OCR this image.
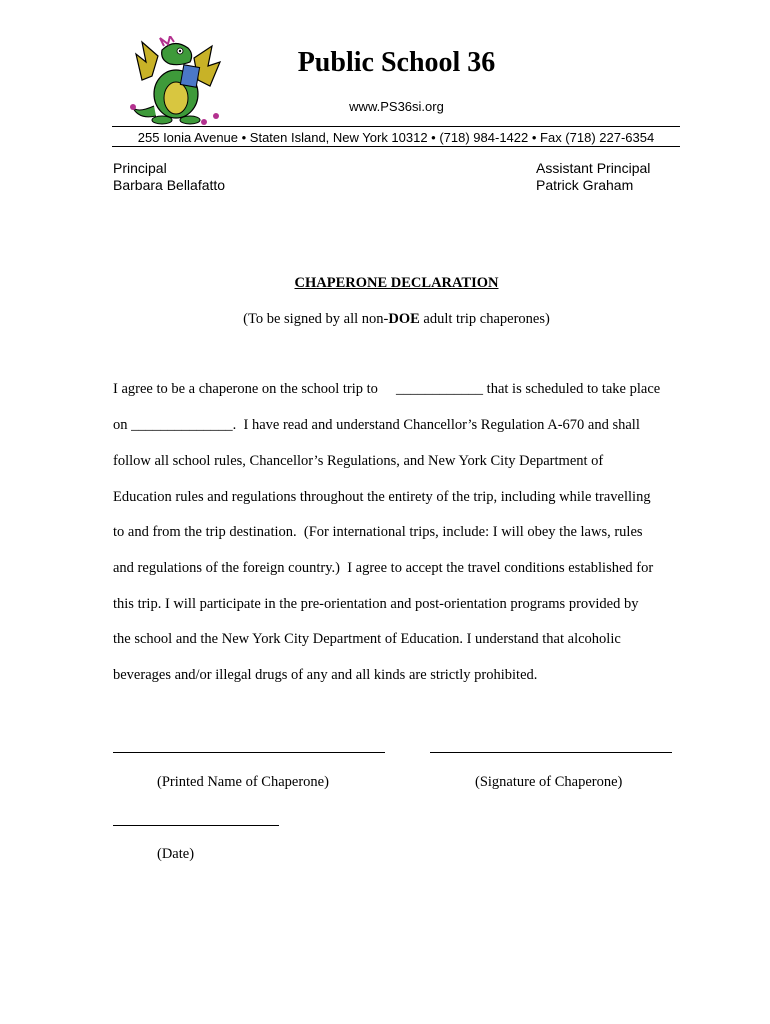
Public School 36
www.PS36si.org
255 Ionia Avenue • Staten Island, New York 10312 • (718) 984-1422 • Fax (718) 227-6354
Principal
Barbara Bellafatto
Assistant Principal
Patrick Graham
CHAPERONE DECLARATION
(To be signed by all non-DOE adult trip chaperones)
I agree to be a chaperone on the school trip to     ____________ that is scheduled to take place
on ______________.  I have read and understand Chancellor’s Regulation A-670 and shall
follow all school rules, Chancellor’s Regulations, and New York City Department of
Education rules and regulations throughout the entirety of the trip, including while travelling
to and from the trip destination.  (For international trips, include: I will obey the laws, rules
and regulations of the foreign country.)  I agree to accept the travel conditions established for
this trip. I will participate in the pre-orientation and post-orientation programs provided by
the school and the New York City Department of Education. I understand that alcoholic
beverages and/or illegal drugs of any and all kinds are strictly prohibited.
(Printed Name of Chaperone)	(Signature of Chaperone)
(Date)
